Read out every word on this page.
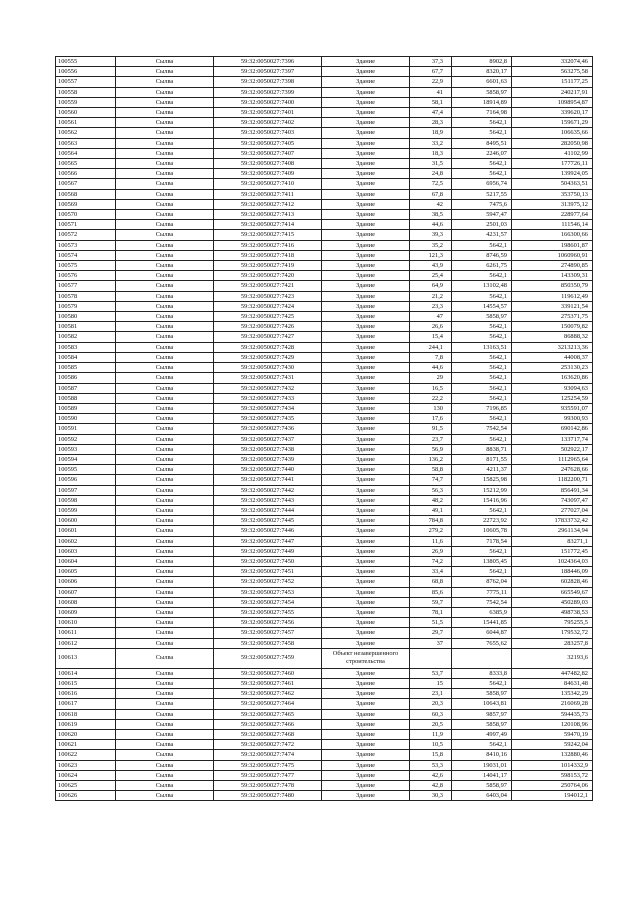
100555	Сылва	59:32:0050027:7396	Здание	37,3	8902,8	332074,46
100556	Сылва	59:32:0050027:7397	Здание	67,7	8320,17	563275,58
100557	Сылва	59:32:0050027:7398	Здание	22,9	6601,63	151177,25
100558	Сылва	59:32:0050027:7399	Здание	41	5858,97	240217,91
100559	Сылва	59:32:0050027:7400	Здание	58,1	18914,89	1098954,87
100560	Сылва	59:32:0050027:7401	Здание	47,4	7164,98	339620,17
100561	Сылва	59:32:0050027:7402	Здание	28,3	5642,1	159671,29
100562	Сылва	59:32:0050027:7403	Здание	18,9	5642,1	106635,66
100563	Сылва	59:32:0050027:7405	Здание	33,2	8495,51	282050,98
100564	Сылва	59:32:0050027:7407	Здание	18,3	2246,07	41102,99
100565	Сылва	59:32:0050027:7408	Здание	31,5	5642,1	177726,11
100566	Сылва	59:32:0050027:7409	Здание	24,8	5642,1	139924,05
100567	Сылва	59:32:0050027:7410	Здание	72,5	6956,74	504363,51
100568	Сылва	59:32:0050027:7411	Здание	67,8	5217,55	353750,13
100569	Сылва	59:32:0050027:7412	Здание	42	7475,6	313975,12
100570	Сылва	59:32:0050027:7413	Здание	38,5	5947,47	228977,64
100571	Сылва	59:32:0050027:7414	Здание	44,6	2501,03	111546,14
100572	Сылва	59:32:0050027:7415	Здание	39,3	4231,57	166300,66
100573	Сылва	59:32:0050027:7416	Здание	35,2	5642,1	198601,87
100574	Сылва	59:32:0050027:7418	Здание	121,3	8746,59	1060960,91
100575	Сылва	59:32:0050027:7419	Здание	43,9	6261,75	274890,85
100576	Сылва	59:32:0050027:7420	Здание	25,4	5642,1	143309,31
100577	Сылва	59:32:0050027:7421	Здание	64,9	13102,48	850350,79
100578	Сылва	59:32:0050027:7423	Здание	21,2	5642,1	119612,49
100579	Сылва	59:32:0050027:7424	Здание	23,3	14554,57	339121,54
100580	Сылва	59:32:0050027:7425	Здание	47	5858,97	275371,75
100581	Сылва	59:32:0050027:7426	Здание	26,6	5642,1	150079,82
100582	Сылва	59:32:0050027:7427	Здание	15,4	5642,1	86888,32
100583	Сылва	59:32:0050027:7428	Здание	244,1	13163,51	3213213,36
100584	Сылва	59:32:0050027:7429	Здание	7,8	5642,1	44008,37
100585	Сылва	59:32:0050027:7430	Здание	44,6	5642,1	253130,23
100586	Сылва	59:32:0050027:7431	Здание	29	5642,1	163620,86
100587	Сылва	59:32:0050027:7432	Здание	16,5	5642,1	93094,63
100588	Сылва	59:32:0050027:7433	Здание	22,2	5642,1	125254,59
100589	Сылва	59:32:0050027:7434	Здание	130	7196,85	935591,07
100590	Сылва	59:32:0050027:7435	Здание	17,6	5642,1	99300,93
100591	Сылва	59:32:0050027:7436	Здание	91,5	7542,54	690142,86
100592	Сылва	59:32:0050027:7437	Здание	23,7	5642,1	133717,74
100593	Сылва	59:32:0050027:7438	Здание	56,9	8838,71	502922,17
100594	Сылва	59:32:0050027:7439	Здание	136,2	8171,55	1112965,64
100595	Сылва	59:32:0050027:7440	Здание	58,8	4211,37	247628,66
100596	Сылва	59:32:0050027:7441	Здание	74,7	15825,98	1182200,71
100597	Сылва	59:32:0050027:7442	Здание	56,3	15212,99	856491,34
100598	Сылва	59:32:0050027:7443	Здание	48,2	15416,96	743097,47
100599	Сылва	59:32:0050027:7444	Здание	49,1	5642,1	277027,04
100600	Сылва	59:32:0050027:7445	Здание	784,8	22723,92	17833732,42
100601	Сылва	59:32:0050027:7446	Здание	279,2	10605,78	2961134,94
100602	Сылва	59:32:0050027:7447	Здание	11,6	7178,54	83271,1
100603	Сылва	59:32:0050027:7449	Здание	26,9	5642,1	151772,45
100604	Сылва	59:32:0050027:7450	Здание	74,2	13805,45	1024364,03
100605	Сылва	59:32:0050027:7451	Здание	33,4	5642,1	188446,09
100606	Сылва	59:32:0050027:7452	Здание	68,8	8762,04	602828,46
100607	Сылва	59:32:0050027:7453	Здание	85,6	7775,11	665549,67
100608	Сылва	59:32:0050027:7454	Здание	59,7	7542,54	450289,03
100609	Сылва	59:32:0050027:7455	Здание	78,1	6385,9	498738,53
100610	Сылва	59:32:0050027:7456	Здание	51,5	15441,85	795255,5
100611	Сылва	59:32:0050027:7457	Здание	29,7	6044,87	179532,72
100612	Сылва	59:32:0050027:7458	Здание	37	7655,62	283257,8
100613	Сылва	59:32:0050027:7459	Объект незавершенного строительства			32193,6
100614	Сылва	59:32:0050027:7460	Здание	53,7	8333,8	447482,82
100615	Сылва	59:32:0050027:7461	Здание	15	5642,1	84631,48
100616	Сылва	59:32:0050027:7462	Здание	23,1	5858,97	135342,29
100617	Сылва	59:32:0050027:7464	Здание	20,3	10643,81	216069,28
100618	Сылва	59:32:0050027:7465	Здание	60,3	9857,97	594435,73
100619	Сылва	59:32:0050027:7466	Здание	20,5	5858,97	120108,96
100620	Сылва	59:32:0050027:7468	Здание	11,9	4997,49	59470,19
100621	Сылва	59:32:0050027:7472	Здание	10,5	5642,1	59242,04
100622	Сылва	59:32:0050027:7474	Здание	15,8	8410,16	132880,46
100623	Сылва	59:32:0050027:7475	Здание	53,3	19031,01	1014332,9
100624	Сылва	59:32:0050027:7477	Здание	42,6	14041,17	598153,72
100625	Сылва	59:32:0050027:7478	Здание	42,8	5858,97	250764,06
100626	Сылва	59:32:0050027:7480	Здание	30,3	6403,04	194012,1
